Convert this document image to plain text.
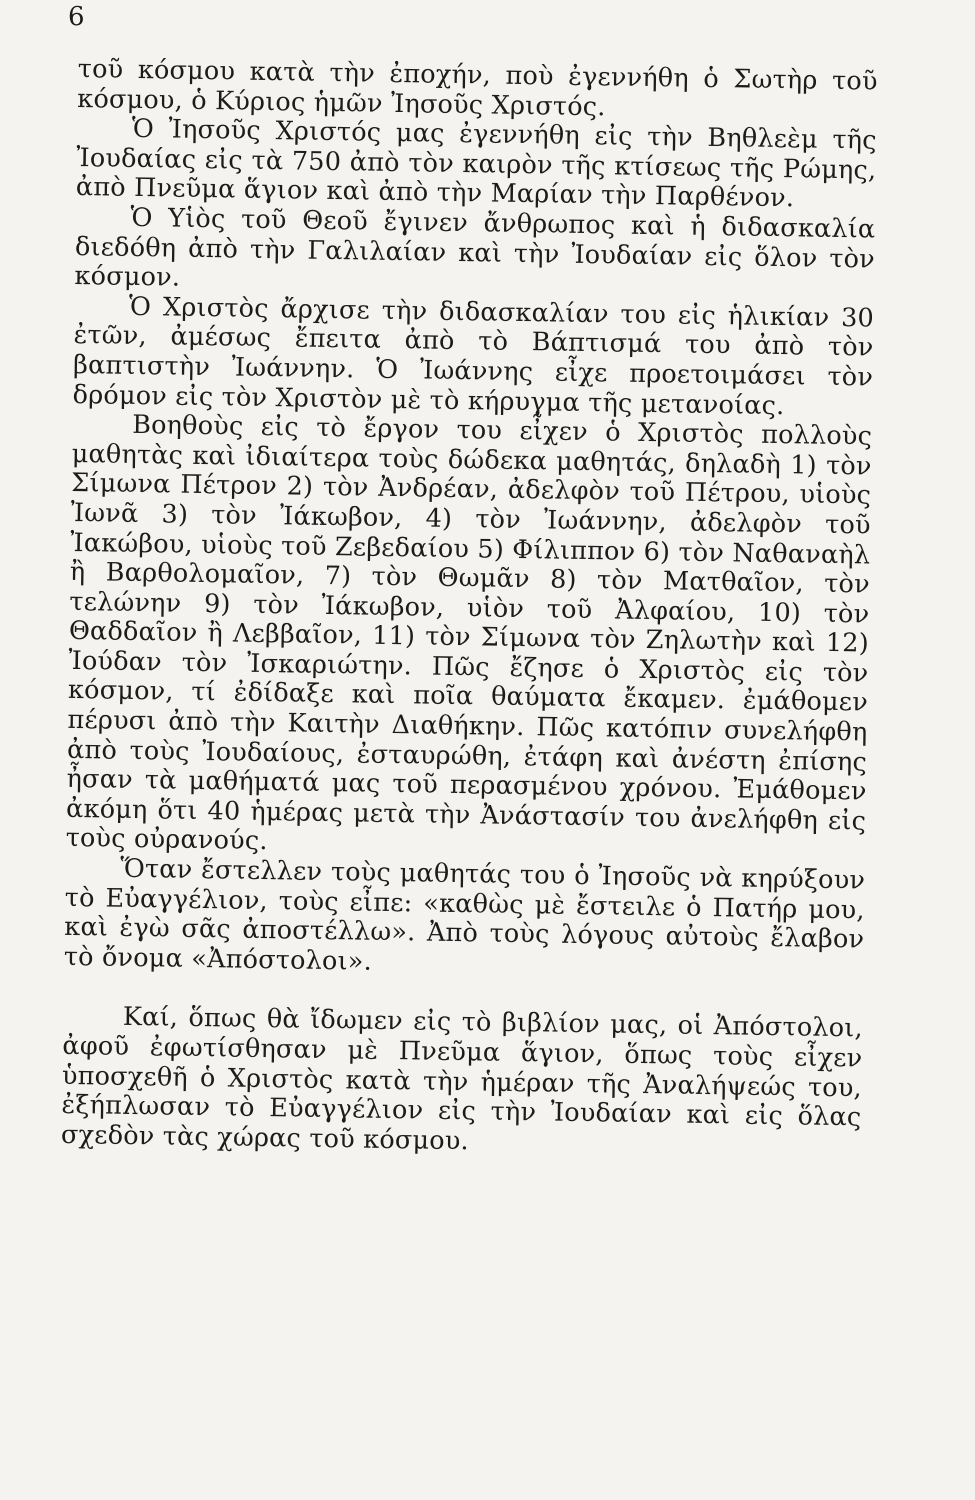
6

τοῦ κόσμου κατὰ τὴν ἐποχήν, ποὺ ἐγεννήθη ὁ Σωτὴρ τοῦ κόσμου, ὁ Κύριος ἡμῶν Ἰησοῦς Χριστός.

Ὁ Ἰησοῦς Χριστός μας ἐγεννήθη εἰς τὴν Βηθλεὲμ τῆς Ἰουδαίας εἰς τὰ 750 ἀπὸ τὸν καιρὸν τῆς κτίσεως τῆς Ρώμης, ἀπὸ Πνεῦμα ἅγιον καὶ ἀπὸ τὴν Μαρίαν τὴν Παρθένον.

Ὁ Υἱὸς τοῦ Θεοῦ ἔγινεν ἄνθρωπος καὶ ἡ διδασκαλία διεδόθη ἀπὸ τὴν Γαλιλαίαν καὶ τὴν Ἰουδαίαν εἰς ὅλον τὸν κόσμον.

Ὁ Χριστὸς ἄρχισε τὴν διδασκαλίαν του εἰς ἡλικίαν 30 ἐτῶν, ἀμέσως ἔπειτα ἀπὸ τὸ Βάπτισμά του ἀπὸ τὸν βαπτιστὴν Ἰωάννην. Ὁ Ἰωάννης εἶχε προετοιμάσει τὸν δρόμον εἰς τὸν Χριστὸν μὲ τὸ κήρυγμα τῆς μετανοίας.

Βοηθοὺς εἰς τὸ ἔργον του εἶχεν ὁ Χριστὸς πολλοὺς μαθητὰς καὶ ἰδιαίτερα τοὺς δώδεκα μαθητάς, δηλαδὴ 1) τὸν Σίμωνα Πέτρον 2) τὸν Ἀνδρέαν, ἀδελφὸν τοῦ Πέτρου, υἱοὺς Ἰωνᾶ 3) τὸν Ἰάκωβον, 4) τὸν Ἰωάννην, ἀδελφὸν τοῦ Ἰακώβου, υἱοὺς τοῦ Ζεβεδαίου 5) Φίλιππον 6) τὸν Ναθαναὴλ ἢ Βαρθολομαῖον, 7) τὸν Θωμᾶν 8) τὸν Ματθαῖον, τὸν τελώνην 9) τὸν Ἰάκωβον, υἱὸν τοῦ Ἀλφαίου, 10) τὸν Θαδδαῖον ἢ Λεββαῖον, 11) τὸν Σίμωνα τὸν Ζηλωτὴν καὶ 12) Ἰούδαν τὸν Ἰσκαριώτην. Πῶς ἔζησε ὁ Χριστὸς εἰς τὸν κόσμον, τί ἐδίδαξε καὶ ποῖα θαύματα ἔκαμεν. ἐμάθομεν πέρυσι ἀπὸ τὴν Καιτὴν Διαθήκην. Πῶς κατόπιν συνελήφθη ἀπὸ τοὺς Ἰουδαίους, ἐσταυρώθη, ἐτάφη καὶ ἀνέστη ἐπίσης ἦσαν τὰ μαθήματά μας τοῦ περασμένου χρόνου. Ἐμάθομεν ἀκόμη ὅτι 40 ἡμέρας μετὰ τὴν Ἀνάστασίν του ἀνελήφθη εἰς τοὺς οὐρανούς.

Ὅταν ἔστελλεν τοὺς μαθητάς του ὁ Ἰησοῦς νὰ κηρύξουν τὸ Εὐαγγέλιον, τοὺς εἶπε: «καθὼς μὲ ἔστειλε ὁ Πατήρ μου, καὶ ἐγὼ σᾶς ἀποστέλλω». Ἀπὸ τοὺς λόγους αὐτοὺς ἔλαβον τὸ ὄνομα «Ἀπόστολοι».

Καί, ὅπως θὰ ἴδωμεν εἰς τὸ βιβλίον μας, οἱ Ἀπόστολοι, ἀφοῦ ἐφωτίσθησαν μὲ Πνεῦμα ἅγιον, ὅπως τοὺς εἶχεν ὑποσχεθῆ ὁ Χριστὸς κατὰ τὴν ἡμέραν τῆς Ἀναλήψεώς του, ἐξήπλωσαν τὸ Εὐαγγέλιον εἰς τὴν Ἰουδαίαν καὶ εἰς ὅλας σχεδὸν τὰς χώρας τοῦ κόσμου.
